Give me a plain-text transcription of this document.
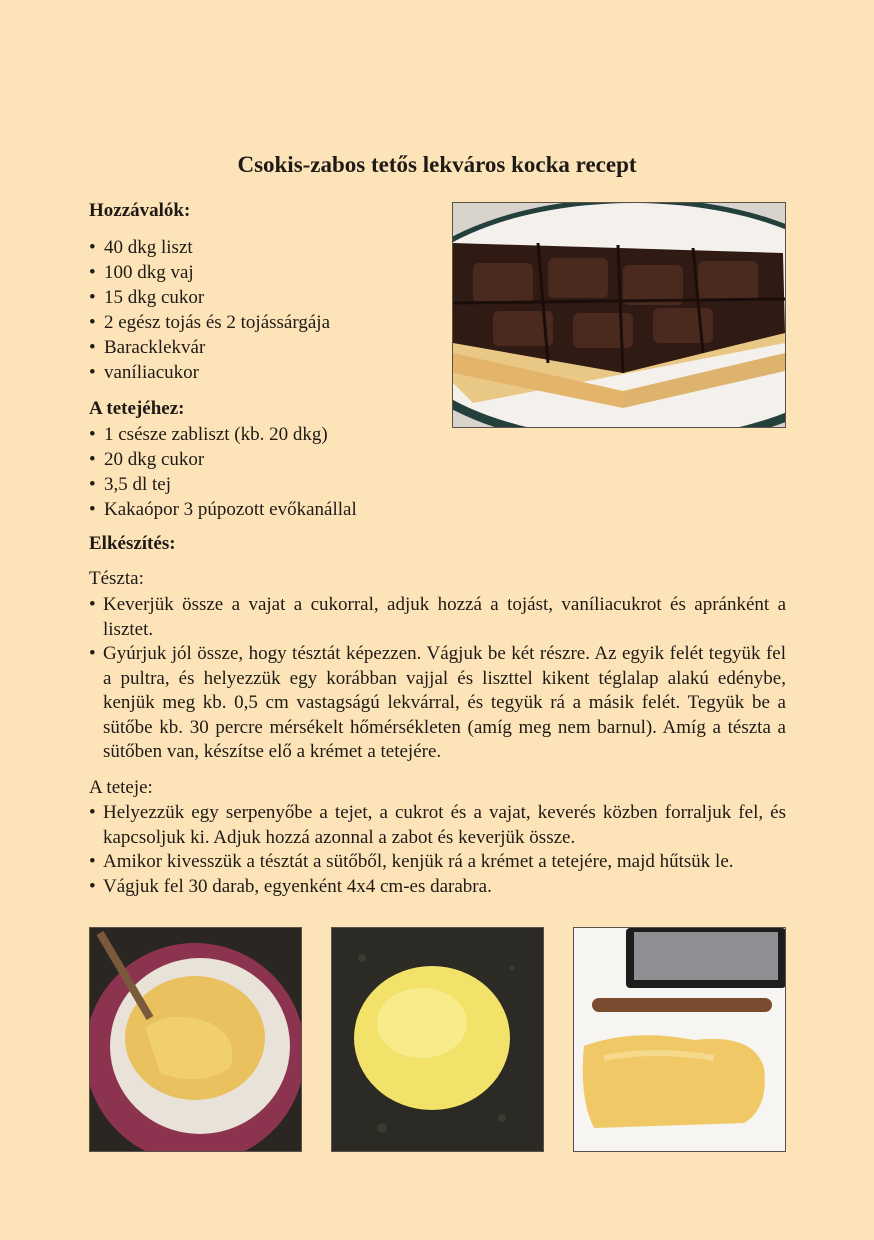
Csokis-zabos tetős lekváros kocka recept
Hozzávalók:
• 40 dkg liszt
• 100 dkg vaj
• 15 dkg cukor
• 2 egész tojás és 2 tojássárgája
• Baracklekvár
• vaníliacukor
A tetejéhez:
• 1 csésze zabliszt (kb. 20 dkg)
• 20 dkg cukor
• 3,5 dl tej
• Kakaópor 3 púpozott evőkanállal
Elkészítés:
Tészta:
• Keverjük össze a vajat a cukorral, adjuk hozzá a tojást, vaníliacukrot és apránként a lisztet.
• Gyúrjuk jól össze, hogy tésztát képezzen. Vágjuk be két részre. Az egyik felét tegyük fel a pultra, és helyezzük egy korábban vajjal és liszttel kikent téglalap alakú edénybe, kenjük meg kb. 0,5 cm vastagságú lekvárral, és tegyük rá a másik felét. Tegyük be a sütőbe kb. 30 percre mérsékelt hőmérsékleten (amíg meg nem barnul). Amíg a tészta a sütőben van, készítse elő a krémet a tetejére.
A teteje:
• Helyezzük egy serpenyőbe a tejet, a cukrot és a vajat, keverés közben forraljuk fel, és kapcsoljuk ki. Adjuk hozzá azonnal a zabot és keverjük össze.
• Amikor kivesszük a tésztát a sütőből, kenjük rá a krémet a tetejére, majd hűtsük le.
• Vágjuk fel 30 darab, egyenként 4x4 cm-es darabra.
